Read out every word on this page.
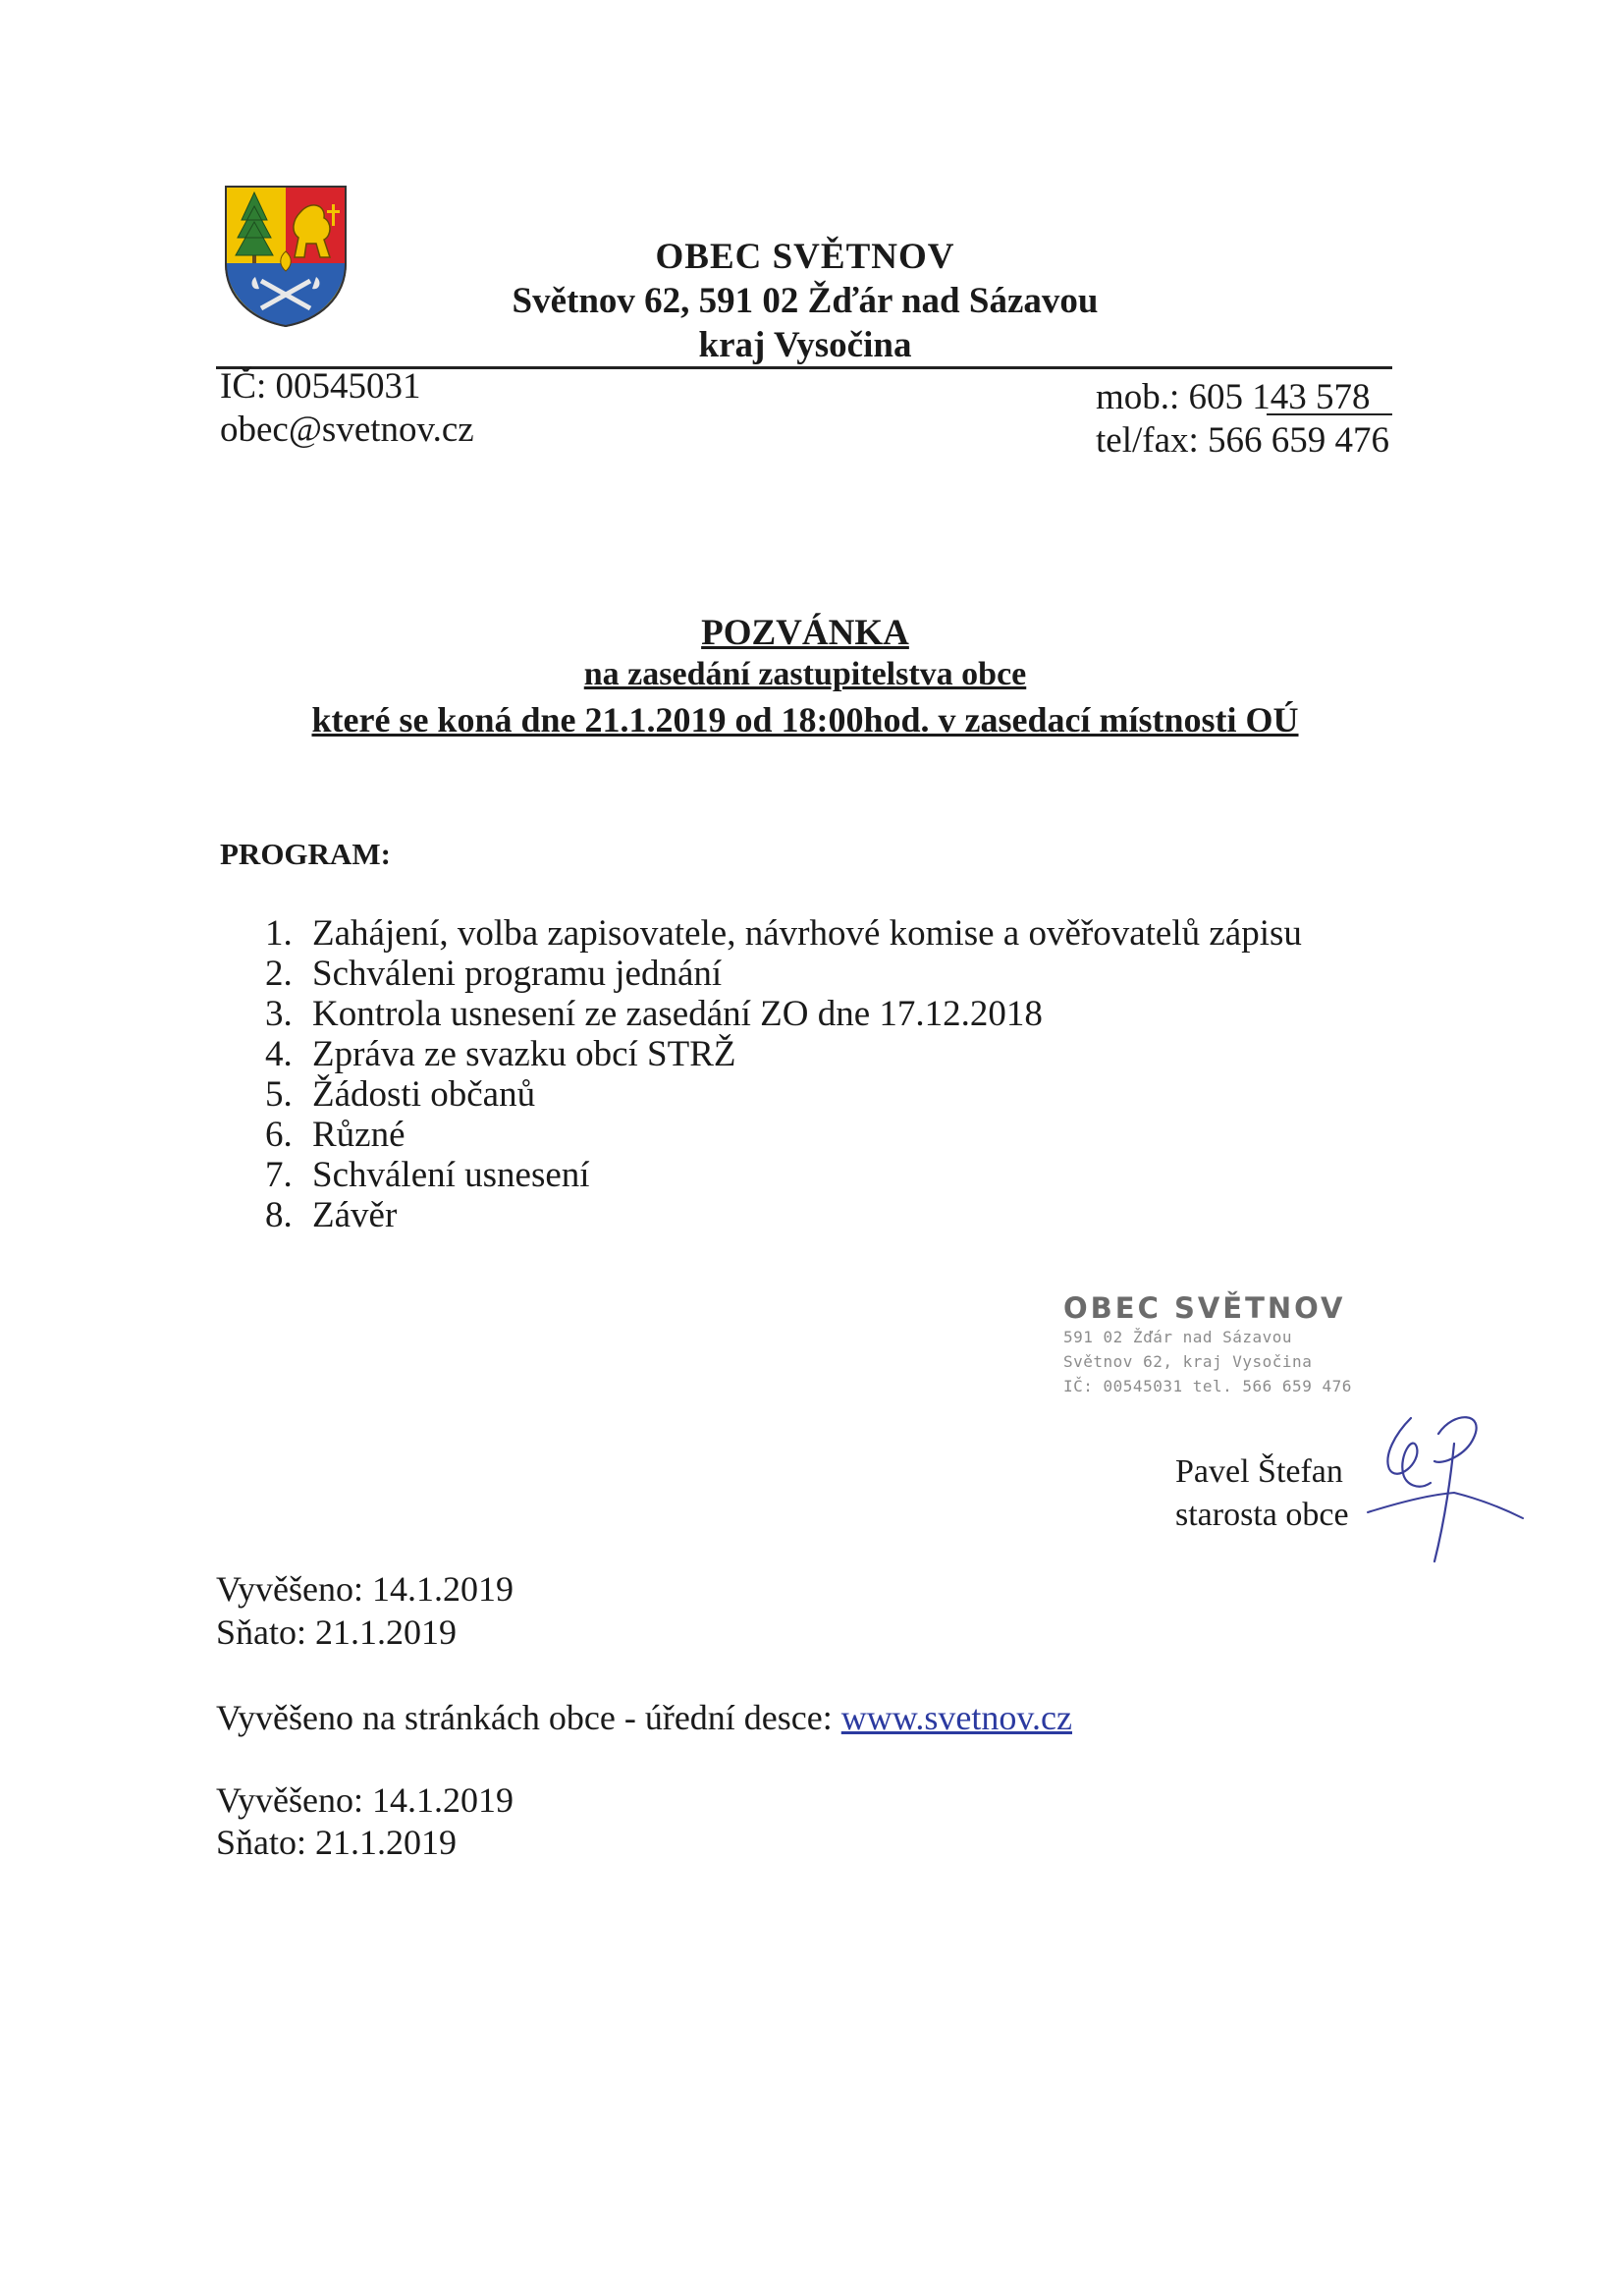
OBEC SVĚTNOV
Světnov 62, 591 02 Žďár nad Sázavou
kraj Vysočina
IČ: 00545031
obec@svetnov.cz
mob.: 605 143 578
tel/fax: 566 659 476
POZVÁNKA
na zasedání zastupitelstva obce
které se koná dne 21.1.2019 od 18:00hod. v zasedací místnosti OÚ
PROGRAM:
1. Zahájení, volba zapisovatele, návrhové komise a ověřovatelů zápisu
2. Schváleni programu jednání
3. Kontrola usnesení ze zasedání ZO dne 17.12.2018
4. Zpráva ze svazku obcí STRŽ
5. Žádosti občanů
6. Různé
7. Schválení usnesení
8. Závěr
OBEC SVĚTNOV
591 02 Žďár nad Sázavou
Světnov 62, kraj Vysočina
IČ: 00545031 tel. 566 659 476
Pavel Štefan
starosta obce
Vyvěšeno: 14.1.2019
Sňato: 21.1.2019
Vyvěšeno na stránkách obce - úřední desce: www.svetnov.cz
Vyvěšeno: 14.1.2019
Sňato: 21.1.2019
